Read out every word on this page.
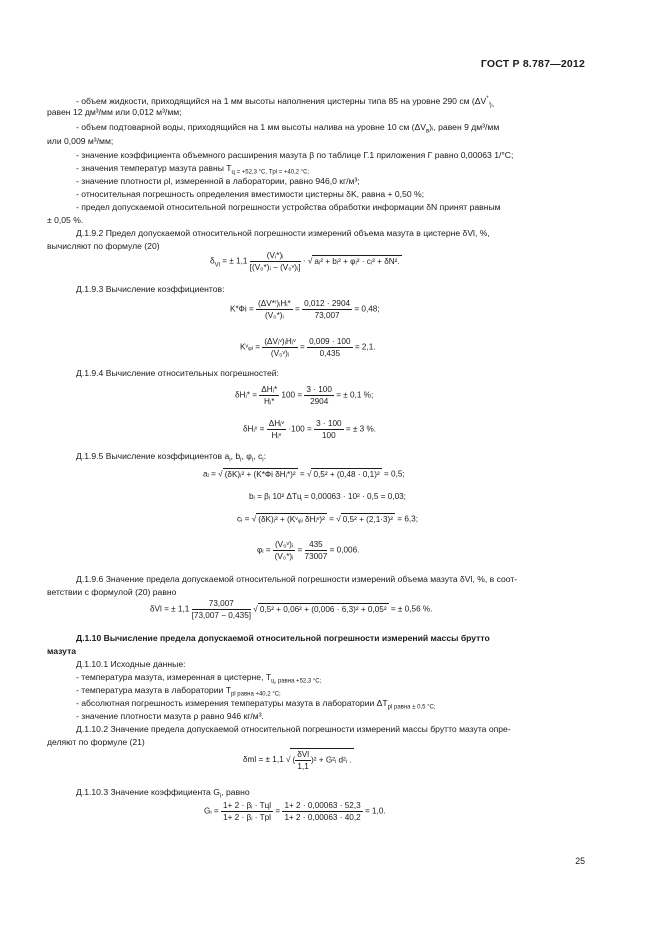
ГОСТ Р 8.787—2012
- объем жидкости, приходящийся на 1 мм высоты наполнения цистерны типа 85 на уровне 290 см ($\Delta V^*_{^i)ᵢ,}$
равен 12 дм³/мм или 0,012 м³/мм;
- объем подтоварной воды, приходящийся на 1 мм высоты налива на уровне 10 см $(\Delta V_в)ᵢ$, равен 9 дм³/мм
или 0,009 м³/мм;
- значение коэффициента объемного расширения мазута β по таблице Г.1 приложения Г равно 0,00063 1/°С;
- значения температур мазута равны $T_{ц = +52,3 ^\circ С, Tрl = +40,2 ^\circ С;}$
- значение плотности ρl, измеренной в лаборатории, равно 946,0 кг/м³;
- относительная погрешность определения вместимости цистерны δK, равна + 0,50 %;
- предел допускаемой относительной погрешности устройства обработки информации δN принят равным
± 0,05 %.
Д.1.9.2 Предел допускаемой относительной погрешности измерений объема мазута в цистерне δVl, %,
вычисляют по формуле (20)
$\delta_{Vl}$ = ± $1,1 \frac{\text{(Vᵢ*)ᵢ}}{\text{[(V₀*)ᵢ − (V₀ᵛ)ᵢ]}}$ · √ aᵢ² + bᵢ² + φᵢ² · cᵢ² + δN².
Д.1.9.3 Вычисление коэффициентов:
$K*Фi = \frac{\text{(ΔV*ⁱ)ᵢHᵢ*}}{\text{(V₀*)ᵢ}} = \frac{0,012 \cdot 2904}{73,007} = 0,48$;
Kᵛᵩᵢ = $\frac{\text{(ΔVᵢᵛ)ᵢHᵢᵛ}}{\text{(V₀ᵛ)ᵢ}} = \frac{0,009 \cdot 100}{0,435} = 2,1$.
Д.1.9.4 Вычисление относительных погрешностей:
δHᵢ* = $\frac{\text{ΔHᵢ*}}{\text{Hᵢ*}} 100 = \frac{3 \cdot 100}{2904}$ = ± 0,1 %;
δHᵢᵛ = $\frac{\text{ΔHᵢᵛ}}{\text{Hᵢᵛ}} \cdot 100 = \frac{3 \cdot 100}{100}$ = ± 3 %.
Д.1.9.5 Вычисление коэффициентов $a_i$, $b_i$, $\varphi_i$, $c_i$:
aᵢ = √ (δK)ᵢ² + (K*Фi δHᵢ*)² = √ 0,5² + (0,48 · 0,1)² = 0,5;
bᵢ = βᵢ 10² ΔTц = 0,00063 · 10² · 0,5 = 0,03;
cᵢ = √ (δK)ᵢ² + (Kᵛᵩᵢ δHᵢᵛ)² = √ 0,5² + (2,1·3)² = 6,3;
φᵢ = $\frac{\text{(V₀ᵛ)ᵢ}}{\text{(V₀*)ᵢ}} = \frac{435}{73007} = 0,006$.
Д.1.9.6 Значение предела допускаемой относительной погрешности измерений объема мазута δVl, %, в соот-
ветствии с формулой (20) равно
δVl = ± $1,1 \frac{73,007}{[73,007 - 0,435]}$ √ 0,5² + 0,06² + (0,006 · 6,3)² + 0,05² = ± 0,56 %.
Д.1.10 Вычисление предела допускаемой относительной погрешности измерений массы брутто
мазута
Д.1.10.1 Исходные данные:
- температура мазута, измеренная в цистерне, $T_{ц, равна +52,3 ^\circ С;}$
- температура мазута в лаборатории $T_{рl равна +40,2 ^\circ С;}$
- абсолютная погрешность измерения температуры мазута в лаборатории $\Delta T_{рl равна \pm 0,5 ^\circ С;}$
- значение плотности мазута ρ равно 946 кг/м³.
Д.1.10.2 Значение предела допускаемой относительной погрешности измерений массы брутто мазута опре-
деляют по формуле (21)
δml = ± 1,1 √( $\frac{\text{δVl}}{1,1} )^2$ + G²ᵢ d²ᵢ .
Д.1.10.3 Значение коэффициента $G_i$, равно
Gᵢ = $\frac{\text{1+ 2 · βᵢ · Tцl}}{\text{1+ 2 · βᵢ · Tрl}} = \frac{1+ 2 \cdot 0,00063 \cdot 52,3}{1+ 2 \cdot 0,00063 \cdot 40,2} = 1,0$.
25
